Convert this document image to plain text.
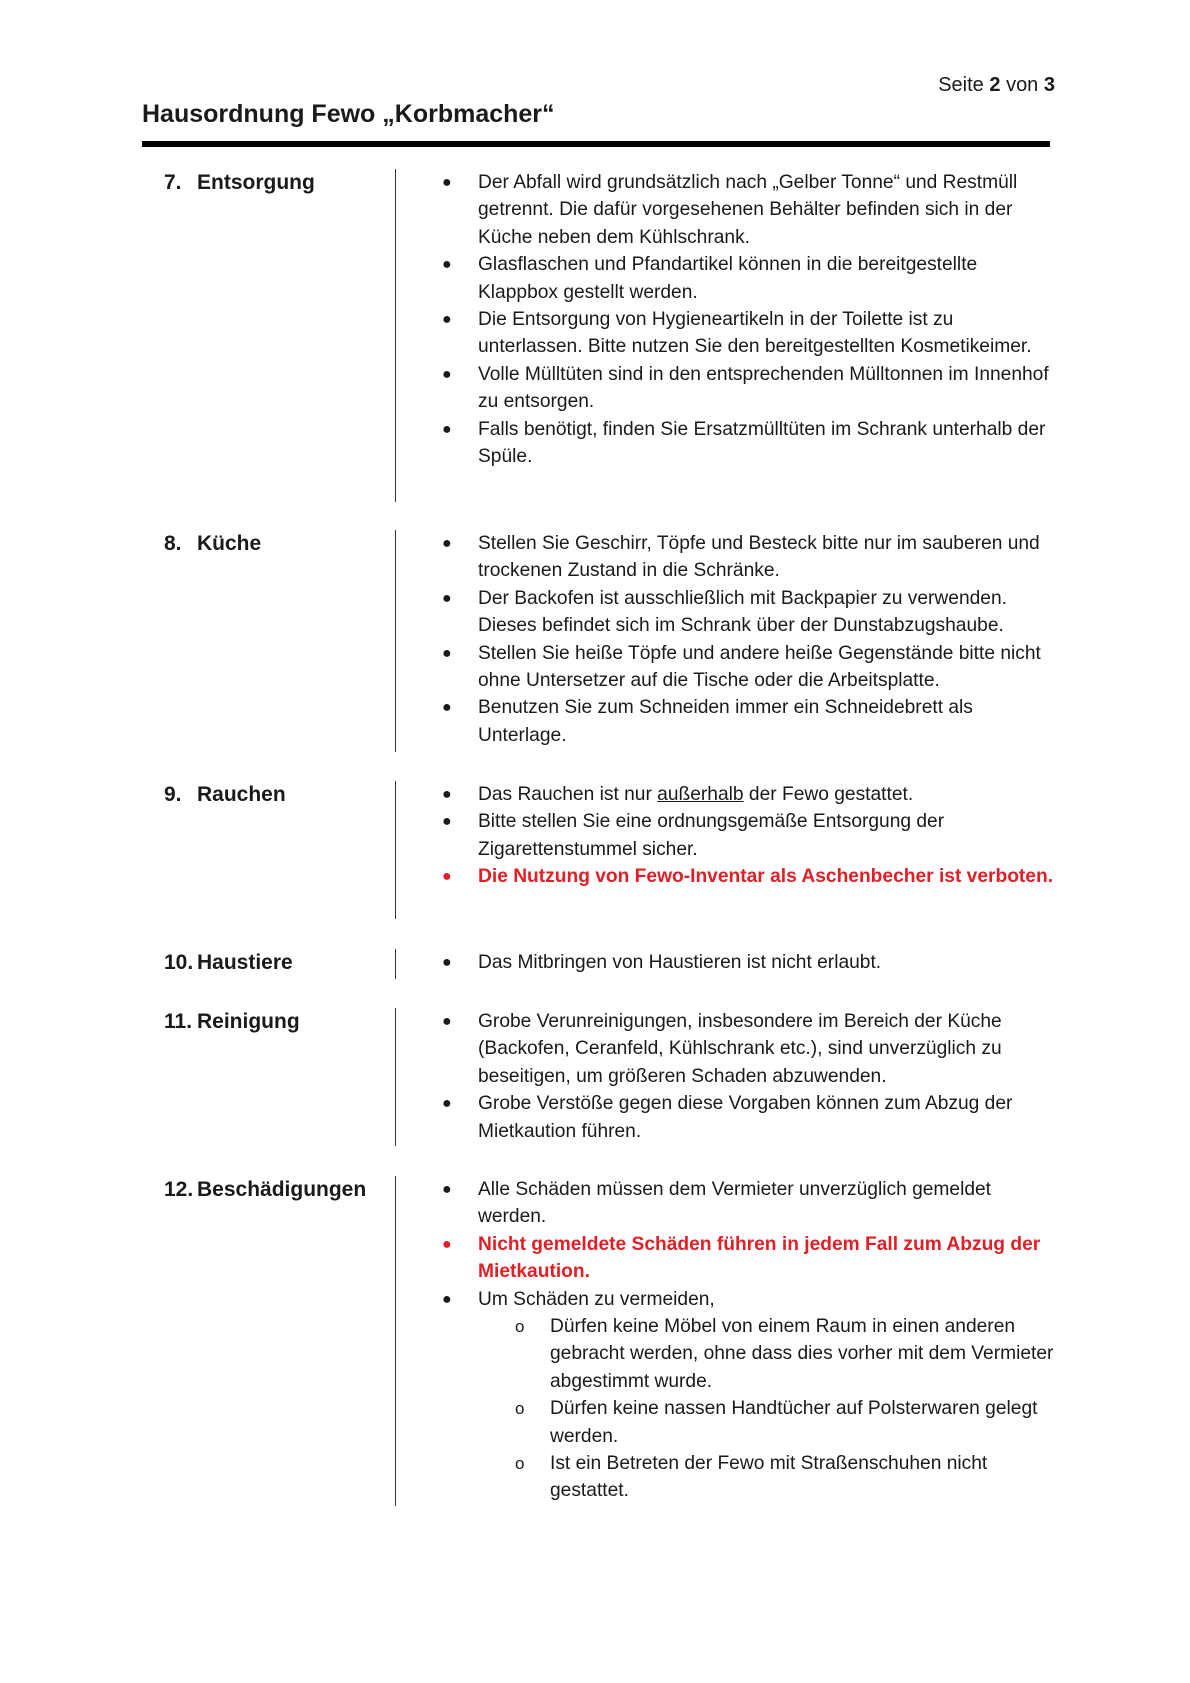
Seite 2 von 3
Hausordnung Fewo „Korbmacher“
7. Entsorgung	● Der Abfall wird grundsätzlich nach „Gelber Tonne“ und Restmüll getrennt. Die dafür vorgesehenen Behälter befinden sich in der Küche neben dem Kühlschrank.
● Glasflaschen und Pfandartikel können in die bereitgestellte Klappbox gestellt werden.
● Die Entsorgung von Hygieneartikeln in der Toilette ist zu unterlassen. Bitte nutzen Sie den bereitgestellten Kosmetikeimer.
● Volle Mülltüten sind in den entsprechenden Mülltonnen im Innenhof zu entsorgen.
● Falls benötigt, finden Sie Ersatzmülltüten im Schrank unterhalb der Spüle.
8. Küche	● Stellen Sie Geschirr, Töpfe und Besteck bitte nur im sauberen und trockenen Zustand in die Schränke.
● Der Backofen ist ausschließlich mit Backpapier zu verwenden. Dieses befindet sich im Schrank über der Dunstabzugshaube.
● Stellen Sie heiße Töpfe und andere heiße Gegenstände bitte nicht ohne Untersetzer auf die Tische oder die Arbeitsplatte.
● Benutzen Sie zum Schneiden immer ein Schneidebrett als Unterlage.
9. Rauchen	● Das Rauchen ist nur außerhalb der Fewo gestattet.
● Bitte stellen Sie eine ordnungsgemäße Entsorgung der Zigarettenstummel sicher.
● Die Nutzung von Fewo-Inventar als Aschenbecher ist verboten.
10. Haustiere	● Das Mitbringen von Haustieren ist nicht erlaubt.
11. Reinigung	● Grobe Verunreinigungen, insbesondere im Bereich der Küche (Backofen, Ceranfeld, Kühlschrank etc.), sind unverzüglich zu beseitigen, um größeren Schaden abzuwenden.
● Grobe Verstöße gegen diese Vorgaben können zum Abzug der Mietkaution führen.
12. Beschädigungen	● Alle Schäden müssen dem Vermieter unverzüglich gemeldet werden.
● Nicht gemeldete Schäden führen in jedem Fall zum Abzug der Mietkaution.
● Um Schäden zu vermeiden,
o Dürfen keine Möbel von einem Raum in einen anderen gebracht werden, ohne dass dies vorher mit dem Vermieter abgestimmt wurde.
o Dürfen keine nassen Handtücher auf Polsterwaren gelegt werden.
o Ist ein Betreten der Fewo mit Straßenschuhen nicht gestattet.
